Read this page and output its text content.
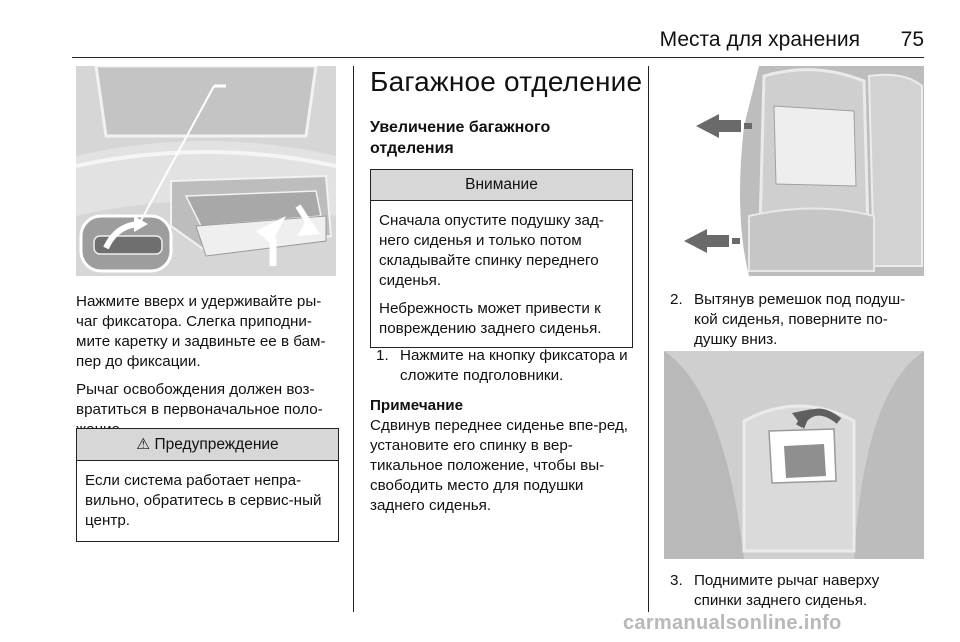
Места для хранения 75

Нажмите вверх и удерживайте ры-чаг фиксатора. Слегка приподни-мите каретку и задвиньте ее в бам-пер до фиксации.

Рычаг освобождения должен воз-вратиться в первоначальное поло-

⚠ Предупреждение

Если система работает непра-вильно, обратитесь в сервис-ный центр.

Багажное отделение
Увеличение багажного отделения
Внимание

Сначала опустите подушку зад-него сиденья и только потом складывайте спинку переднего сиденья.

Небрежность может привести к повреждению заднего сиденья.

1. Нажмите на кнопку фиксатора и сложите подголовники.
Примечание

Сдвинув переднее сиденье впе-ред, установите его спинку в вер-тикальное положение, чтобы вы-свободить место для подушки заднего сиденья.

2. Вытянув ремешок под подуш-кой сиденья, поверните по-душку вниз.
3. Поднимите рычаг наверху спинки заднего сиденья.
carmanualsonline.info
